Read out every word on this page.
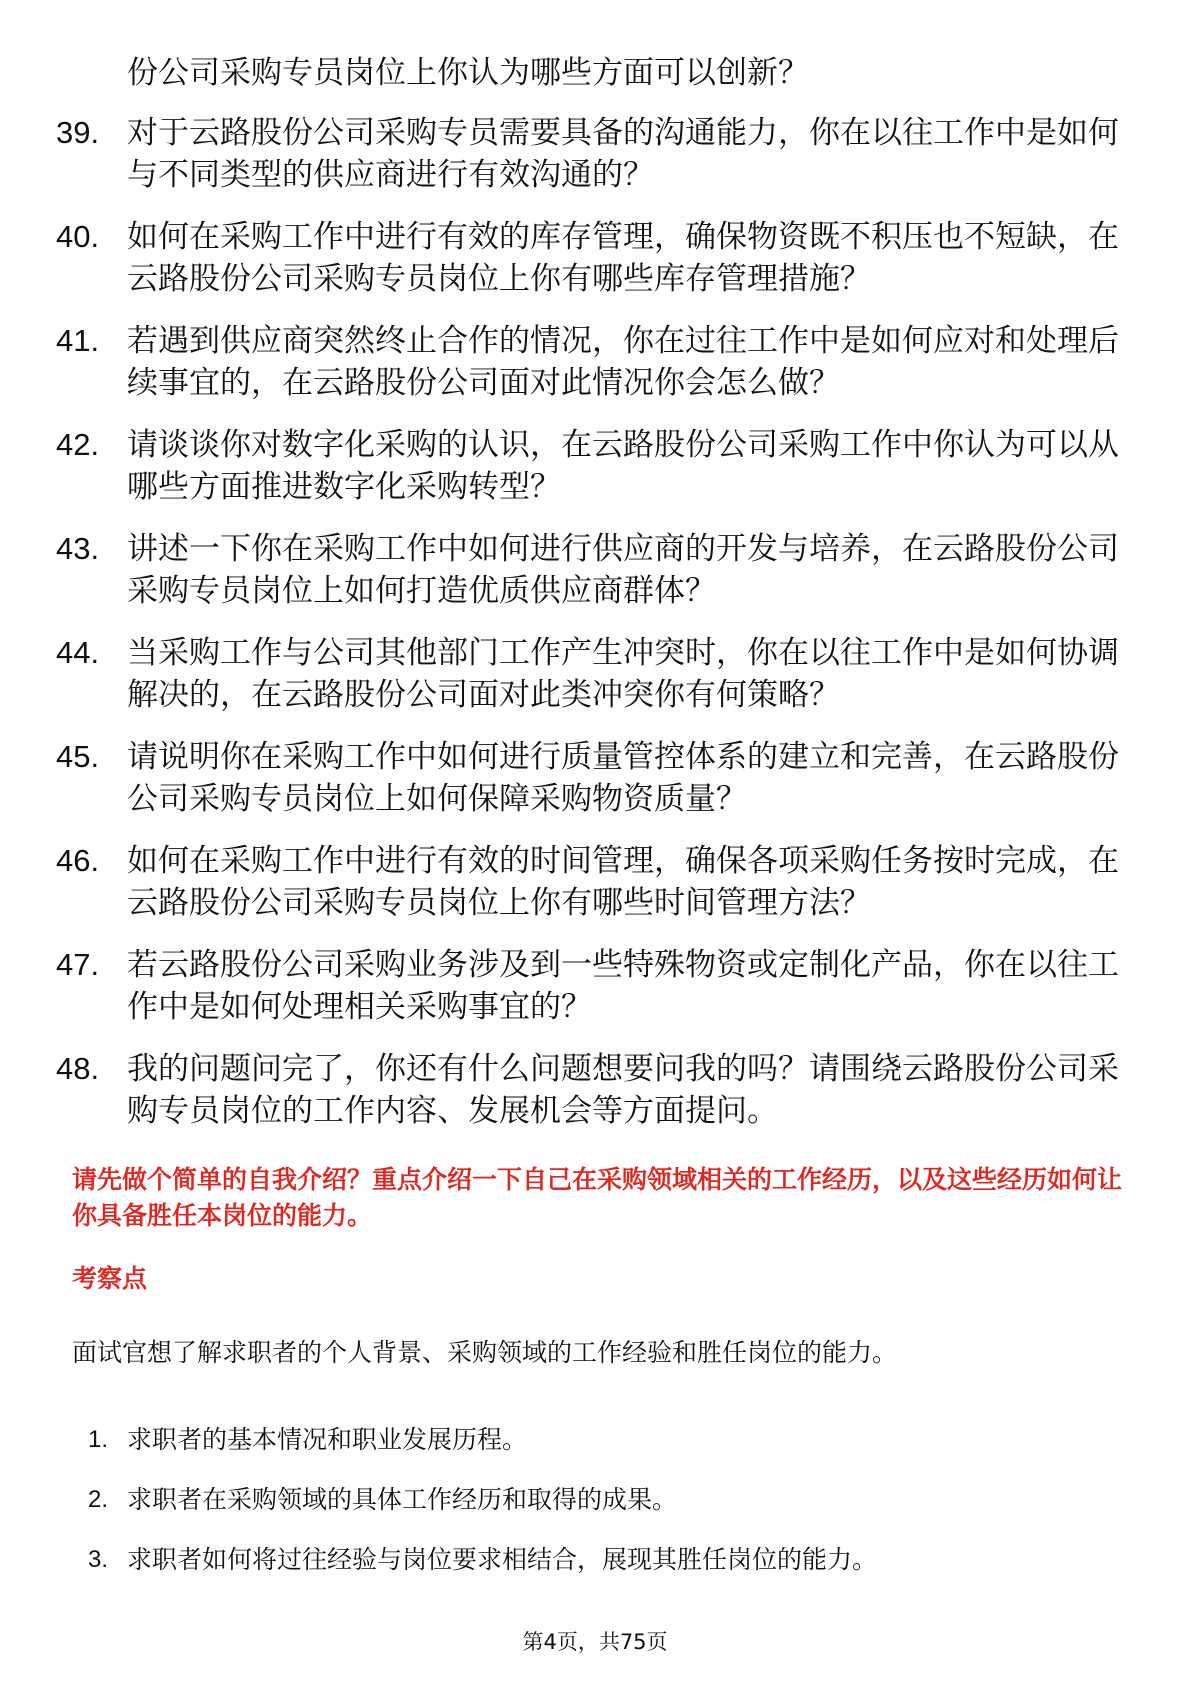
份公司采购专员岗位上你认为哪些方面可以创新？

39. 对于云路股份公司采购专员需要具备的沟通能力，你在以往工作中是如何与不同类型的供应商进行有效沟通的？
40. 如何在采购工作中进行有效的库存管理，确保物资既不积压也不短缺，在云路股份公司采购专员岗位上你有哪些库存管理措施？
41. 若遇到供应商突然终止合作的情况，你在过往工作中是如何应对和处理后续事宜的，在云路股份公司面对此情况你会怎么做？
42. 请谈谈你对数字化采购的认识，在云路股份公司采购工作中你认为可以从哪些方面推进数字化采购转型？
43. 讲述一下你在采购工作中如何进行供应商的开发与培养，在云路股份公司采购专员岗位上如何打造优质供应商群体？
44. 当采购工作与公司其他部门工作产生冲突时，你在以往工作中是如何协调解决的，在云路股份公司面对此类冲突你有何策略？
45. 请说明你在采购工作中如何进行质量管控体系的建立和完善，在云路股份公司采购专员岗位上如何保障采购物资质量？
46. 如何在采购工作中进行有效的时间管理，确保各项采购任务按时完成，在云路股份公司采购专员岗位上你有哪些时间管理方法？
47. 若云路股份公司采购业务涉及到一些特殊物资或定制化产品，你在以往工作中是如何处理相关采购事宜的？
48. 我的问题问完了，你还有什么问题想要问我的吗？请围绕云路股份公司采购专员岗位的工作内容、发展机会等方面提问。

请先做个简单的自我介绍？重点介绍一下自己在采购领域相关的工作经历，以及这些经历如何让你具备胜任本岗位的能力。

考察点

面试官想了解求职者的个人背景、采购领域的工作经验和胜任岗位的能力。

1. 求职者的基本情况和职业发展历程。
2. 求职者在采购领域的具体工作经历和取得的成果。
3. 求职者如何将过往经验与岗位要求相结合，展现其胜任岗位的能力。

第4页，共75页
